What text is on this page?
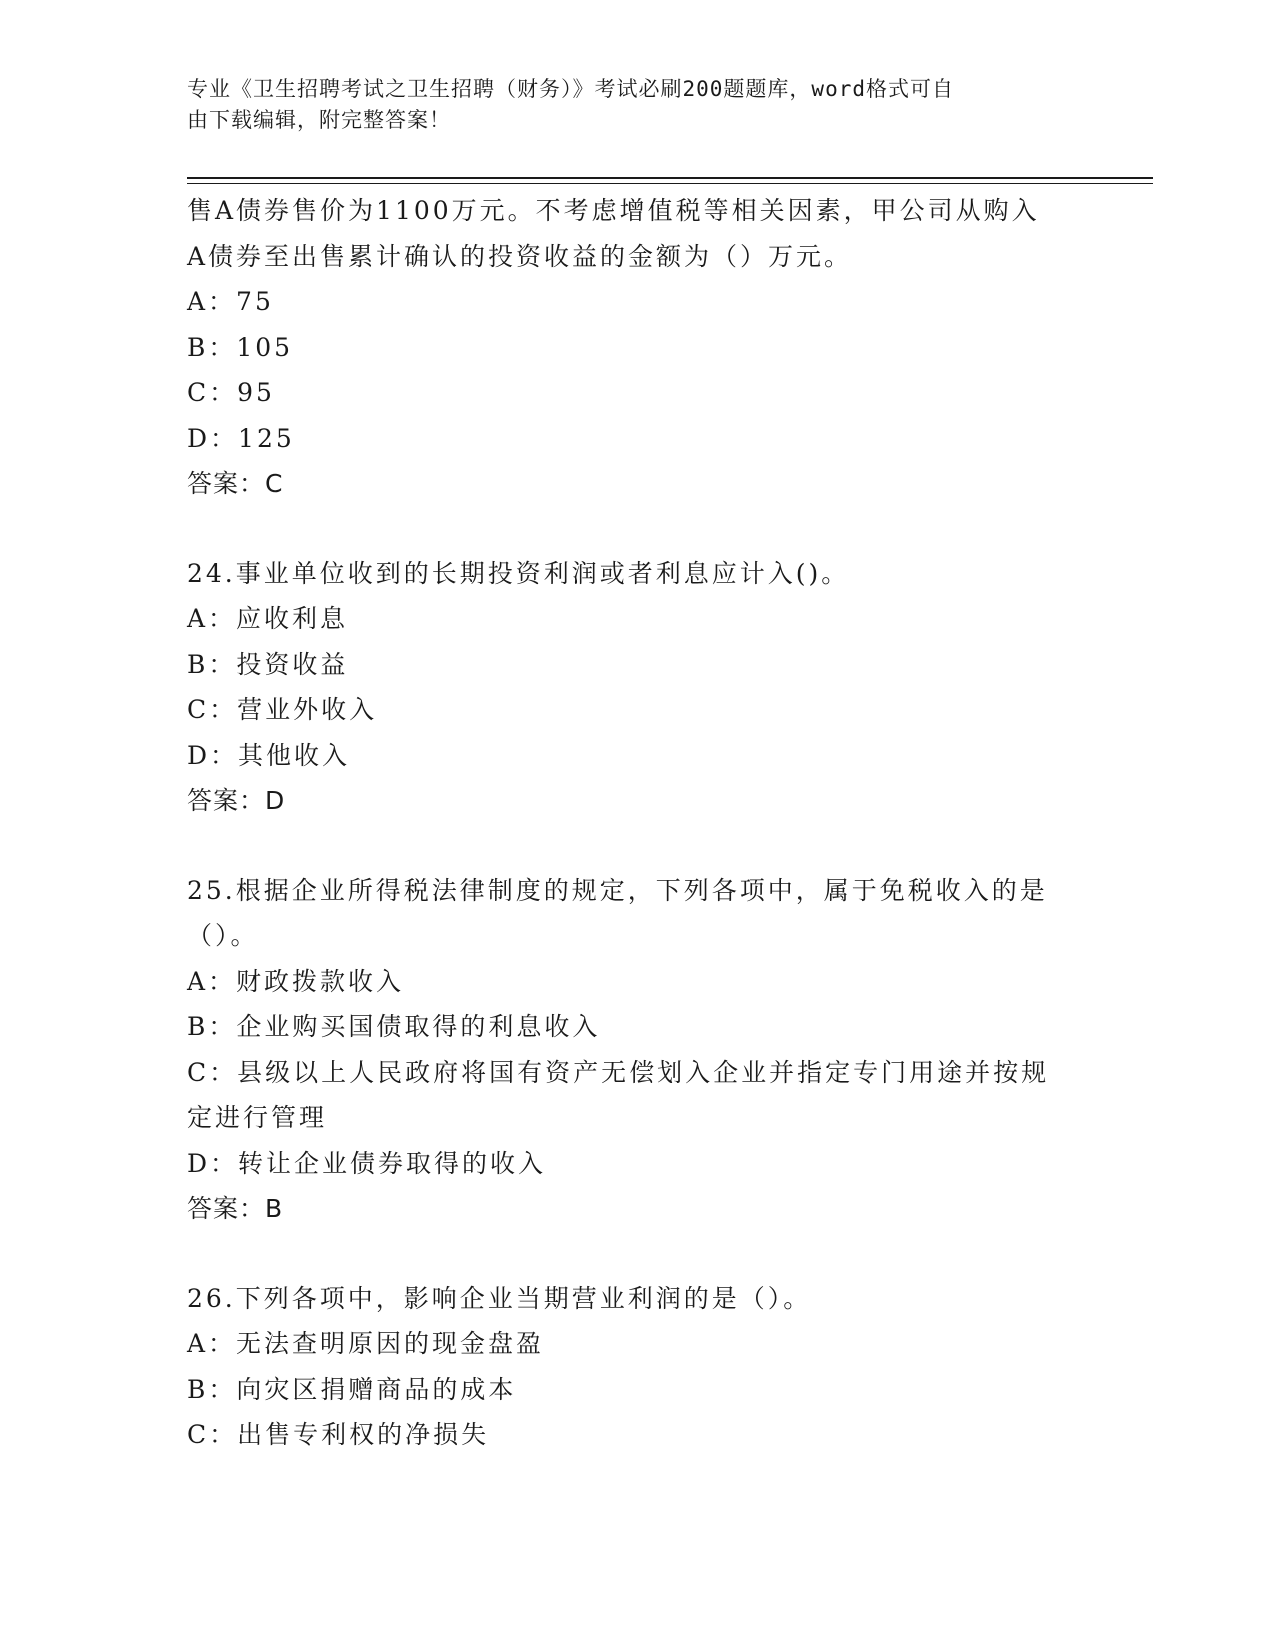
专业《卫生招聘考试之卫生招聘（财务）》考试必刷200题题库，word格式可自
由下载编辑，附完整答案！
售A债券售价为1100万元。不考虑增值税等相关因素，甲公司从购入
A债券至出售累计确认的投资收益的金额为（）万元。
A：75
B：105
C：95
D：125
答案：C
24.事业单位收到的长期投资利润或者利息应计入()。
A：应收利息
B：投资收益
C：营业外收入
D：其他收入
答案：D
25.根据企业所得税法律制度的规定，下列各项中，属于免税收入的是
（）。
A：财政拨款收入
B：企业购买国债取得的利息收入
C：县级以上人民政府将国有资产无偿划入企业并指定专门用途并按规
定进行管理
D：转让企业债券取得的收入
答案：B
26.下列各项中，影响企业当期营业利润的是（）。
A：无法查明原因的现金盘盈
B：向灾区捐赠商品的成本
C：出售专利权的净损失
